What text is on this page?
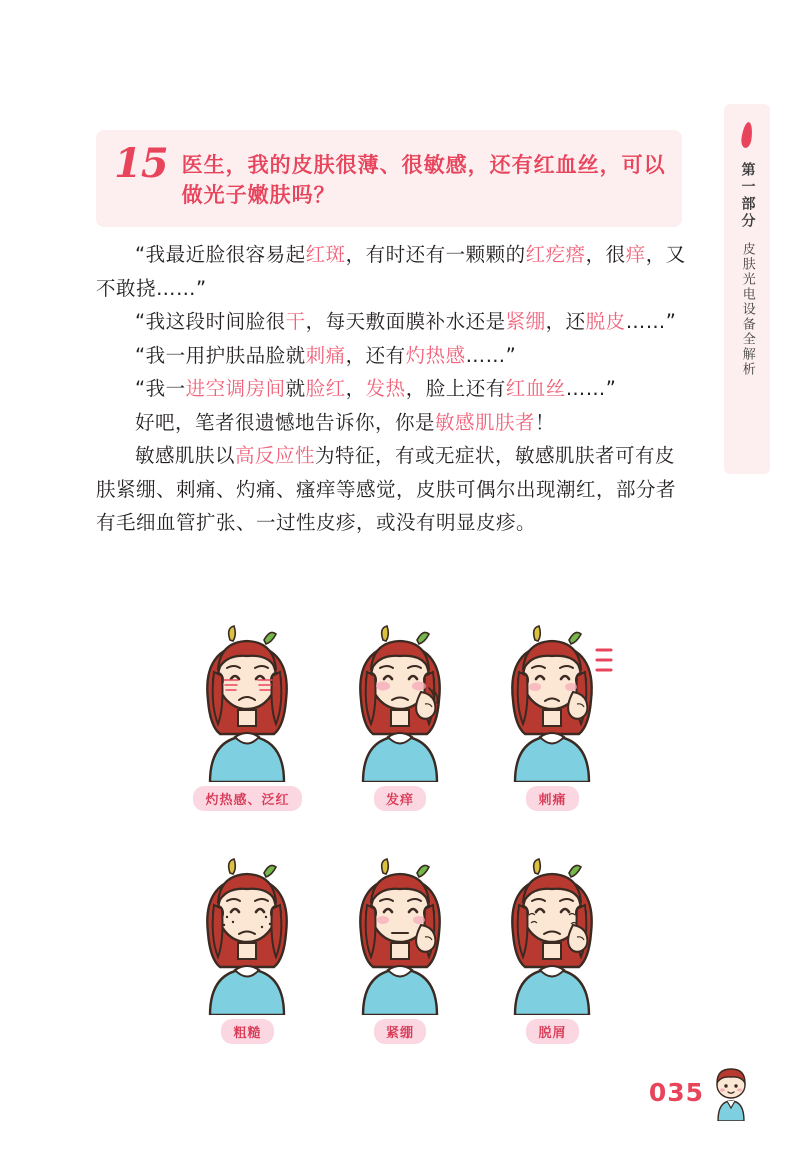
第一部分
皮肤光电设备全解析
15 医生，我的皮肤很薄、很敏感，还有红血丝，可以做光子嫩肤吗？

“我最近脸很容易起红斑，有时还有一颗颗的红疙瘩，很痒，又不敢挠……”

“我这段时间脸很干，每天敷面膜补水还是紧绷，还脱皮……”

“我一用护肤品脸就刺痛，还有灼热感……”

“我一进空调房间就脸红，发热，脸上还有红血丝……”

好吧，笔者很遗憾地告诉你，你是敏感肌肤者！

敏感肌肤以高反应性为特征，有或无症状，敏感肌肤者可有皮肤紧绷、刺痛、灼痛、瘙痒等感觉，皮肤可偶尔出现潮红，部分者有毛细血管扩张、一过性皮疹，或没有明显皮疹。

灼热感、泛红	发痒	刺痛
粗糙	紧绷	脱屑
035
